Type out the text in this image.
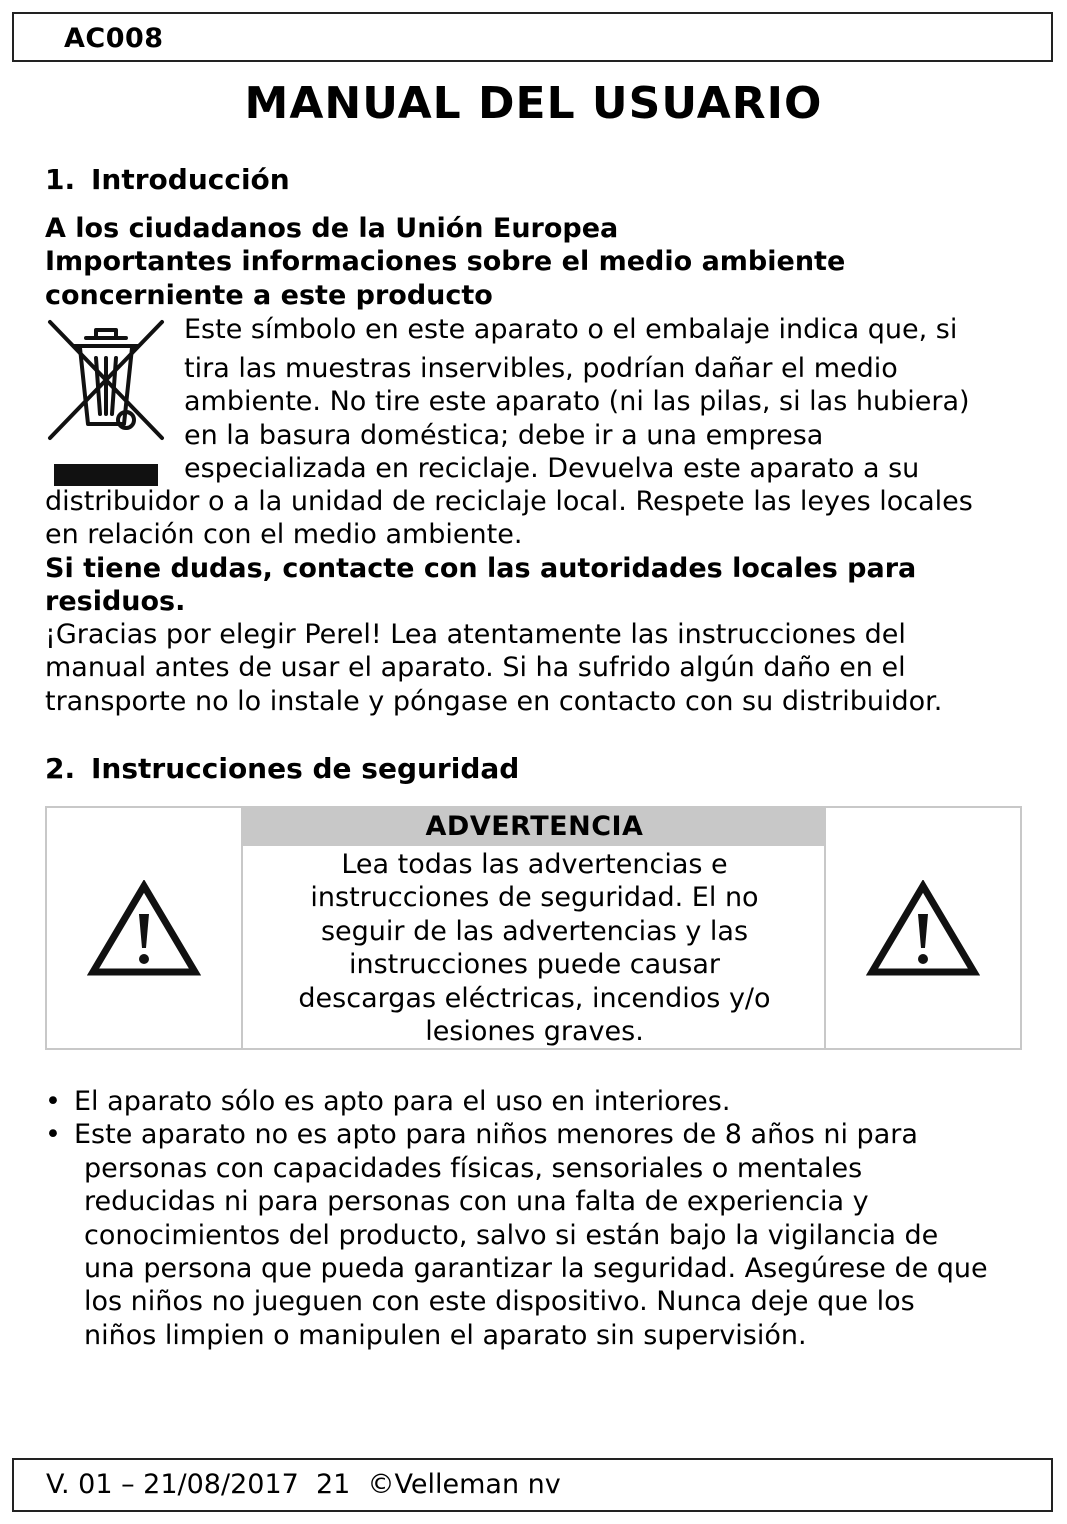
AC008
MANUAL DEL USUARIO
1. Introducción
A los ciudadanos de la Unión Europea
Importantes informaciones sobre el medio ambiente
concerniente a este producto
Este símbolo en este aparato o el embalaje indica que, si
tira las muestras inservibles, podrían dañar el medio
ambiente. No tire este aparato (ni las pilas, si las hubiera)
en la basura doméstica; debe ir a una empresa
especializada en reciclaje. Devuelva este aparato a su
distribuidor o a la unidad de reciclaje local. Respete las leyes locales
en relación con el medio ambiente.
Si tiene dudas, contacte con las autoridades locales para
residuos.
¡Gracias por elegir Perel! Lea atentamente las instrucciones del
manual antes de usar el aparato. Si ha sufrido algún daño en el
transporte no lo instale y póngase en contacto con su distribuidor.
2. Instrucciones de seguridad
ADVERTENCIA
Lea todas las advertencias e
instrucciones de seguridad. El no
seguir de las advertencias y las
instrucciones puede causar
descargas eléctricas, incendios y/o
lesiones graves.
• El aparato sólo es apto para el uso en interiores.
• Este aparato no es apto para niños menores de 8 años ni para
personas con capacidades físicas, sensoriales o mentales
reducidas ni para personas con una falta de experiencia y
conocimientos del producto, salvo si están bajo la vigilancia de
una persona que pueda garantizar la seguridad. Asegúrese de que
los niños no jueguen con este dispositivo. Nunca deje que los
niños limpien o manipulen el aparato sin supervisión.
V. 01 – 21/08/2017 21 ©Velleman nv
